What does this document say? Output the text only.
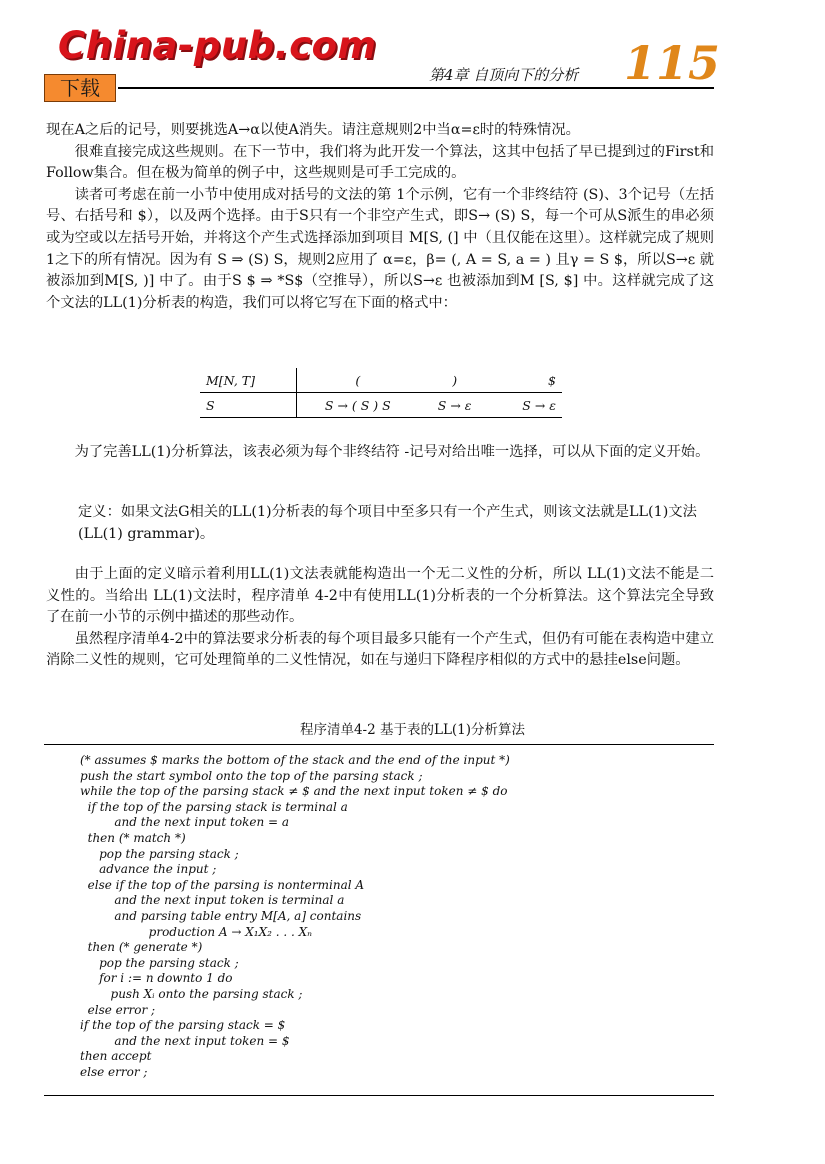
China-pub.com
下载
第4章 自顶向下的分析 115

现在A之后的记号，则要挑选A→α以使A消失。请注意规则2中当α=ε时的特殊情况。

很难直接完成这些规则。在下一节中，我们将为此开发一个算法，这其中包括了早已提到过的First和Follow集合。但在极为简单的例子中，这些规则是可手工完成的。

读者可考虑在前一小节中使用成对括号的文法的第 1个示例，它有一个非终结符 (S)、3个记号（左括号、右括号和 $），以及两个选择。由于S只有一个非空产生式，即S→ (S) S，每一个可从S派生的串必须或为空或以左括号开始，并将这个产生式选择添加到项目 M[S, (] 中（且仅能在这里）。这样就完成了规则 1之下的所有情况。因为有 S ⇒ (S) S，规则2应用了 α=ε，β= (, A = S, a = ) 且γ = S $，所以S→ε 就被添加到M[S, )] 中了。由于S $ ⇒ *S$（空推导），所以S→ε 也被添加到M [S, $] 中。这样就完成了这个文法的LL(1)分析表的构造，我们可以将它写在下面的格式中：

M[N, T]	(	)	$
S	S → ( S ) S	S → ε	S → ε

为了完善LL(1)分析算法，该表必须为每个非终结符 -记号对给出唯一选择，可以从下面的定义开始。

定义：如果文法G相关的LL(1)分析表的每个项目中至多只有一个产生式，则该文法就是LL(1)文法(LL(1) grammar)。

由于上面的定义暗示着利用LL(1)文法表就能构造出一个无二义性的分析，所以 LL(1)文法不能是二义性的。当给出 LL(1)文法时，程序清单 4-2中有使用LL(1)分析表的一个分析算法。这个算法完全导致了在前一小节的示例中描述的那些动作。

虽然程序清单4-2中的算法要求分析表的每个项目最多只能有一个产生式，但仍有可能在表构造中建立消除二义性的规则，它可处理简单的二义性情况，如在与递归下降程序相似的方式中的悬挂else问题。

程序清单4-2 基于表的LL(1)分析算法
(* assumes $ marks the bottom of the stack and the end of the input *)
push the start symbol onto the top of the parsing stack ;
while the top of the parsing stack ≠ $ and the next input token ≠ $ do
if the top of the parsing stack is terminal a
and the next input token = a
then (* match *)
pop the parsing stack ;
advance the input ;
else if the top of the parsing is nonterminal A
and the next input token is terminal a
and parsing table entry M[A, a] contains
production A → X₁X₂ . . . Xₙ
then (* generate *)
pop the parsing stack ;
for i := n downto 1 do
push Xᵢ onto the parsing stack ;
else error ;
if the top of the parsing stack = $
and the next input token = $
then accept
else error ;
